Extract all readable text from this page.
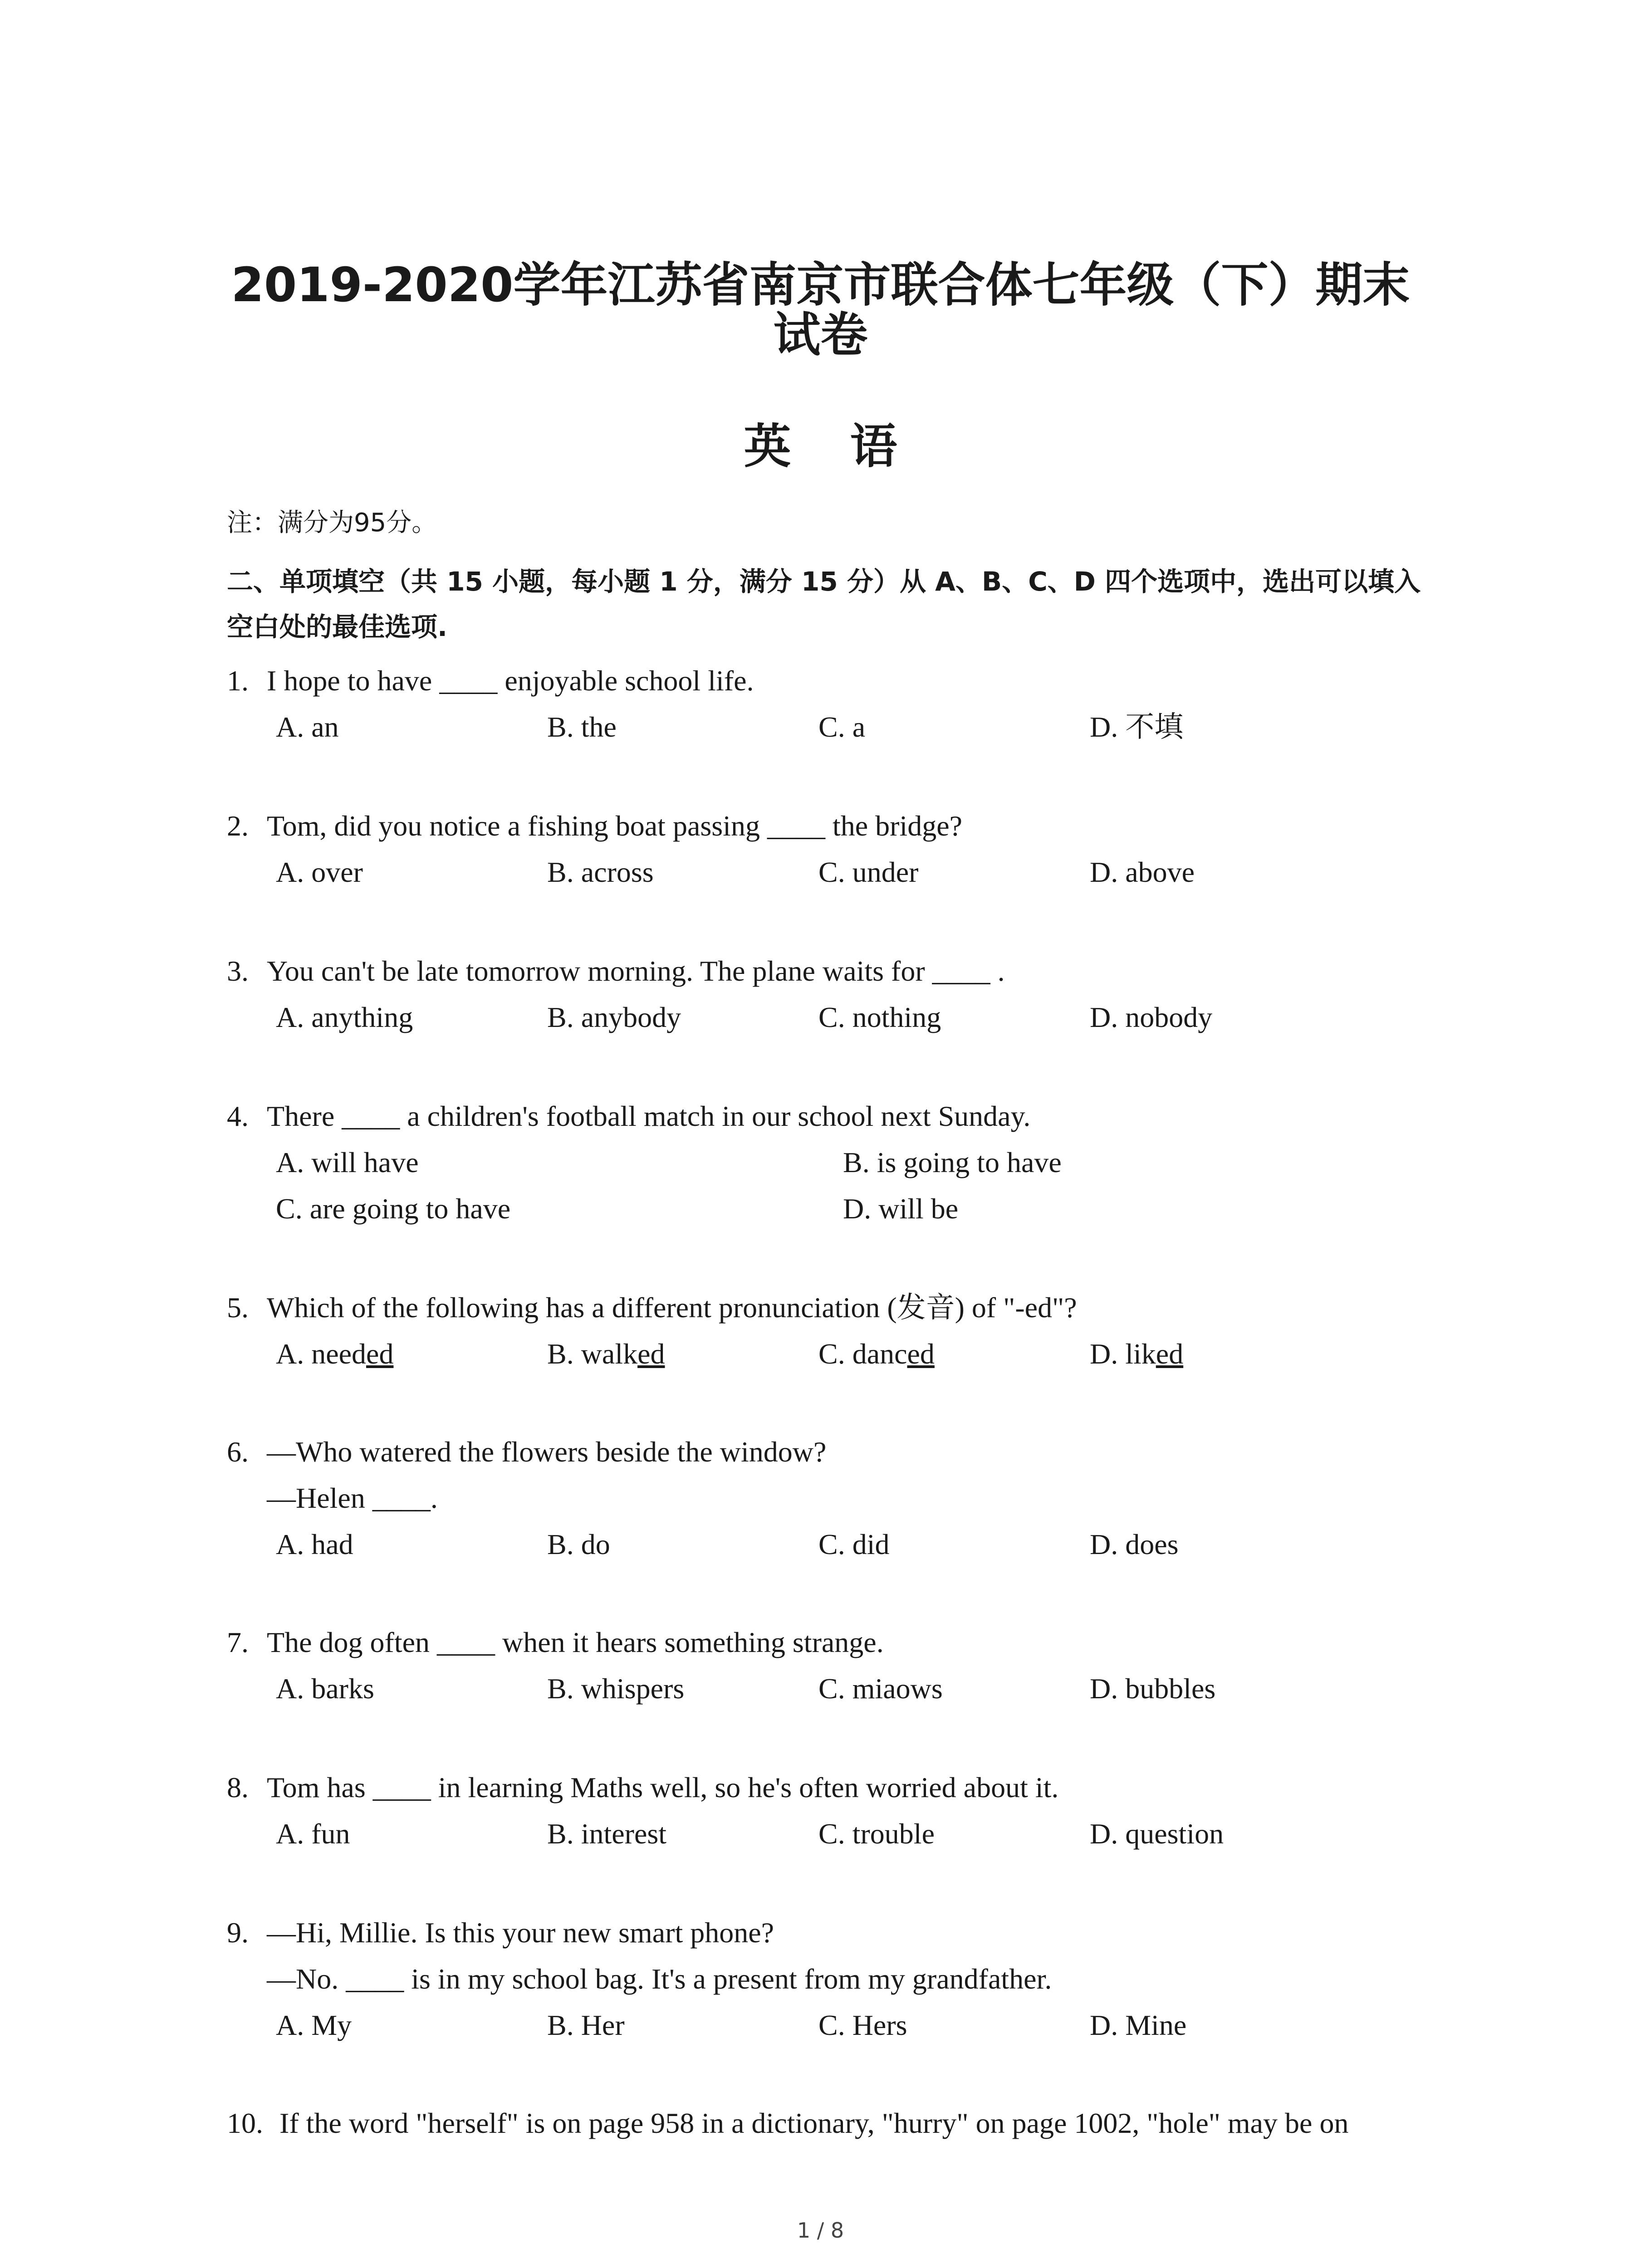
2019-2020学年江苏省南京市联合体七年级（下）期末
试卷
英语
注：满分为95分。
二、单项填空（共 15 小题，每小题 1 分，满分 15 分）从 A、B、C、D 四个选项中，选出可以填入空白处的最佳选项.
1. I hope to have ____ enjoyable school life.
A. an	B. the	C. a	D. 不填
2. Tom, did you notice a fishing boat passing ____ the bridge?
A. over	B. across	C. under	D. above
3. You can't be late tomorrow morning. The plane waits for ____ .
A. anything	B. anybody	C. nothing	D. nobody
4. There ____ a children's football match in our school next Sunday.
A. will have	B. is going to have
C. are going to have	D. will be
5. Which of the following has a different pronunciation (发音) of "-ed"?
A. needed	B. walked	C. danced	D. liked
6. —Who watered the flowers beside the window?
—Helen ____.
A. had	B. do	C. did	D. does
7. The dog often ____ when it hears something strange.
A. barks	B. whispers	C. miaows	D. bubbles
8. Tom has ____ in learning Maths well, so he's often worried about it.
A. fun	B. interest	C. trouble	D. question
9. —Hi, Millie. Is this your new smart phone?
—No. ____ is in my school bag. It's a present from my grandfather.
A. My	B. Her	C. Hers	D. Mine
10. If the word "herself" is on page 958 in a dictionary, "hurry" on page 1002, "hole" may be on
1 / 8
